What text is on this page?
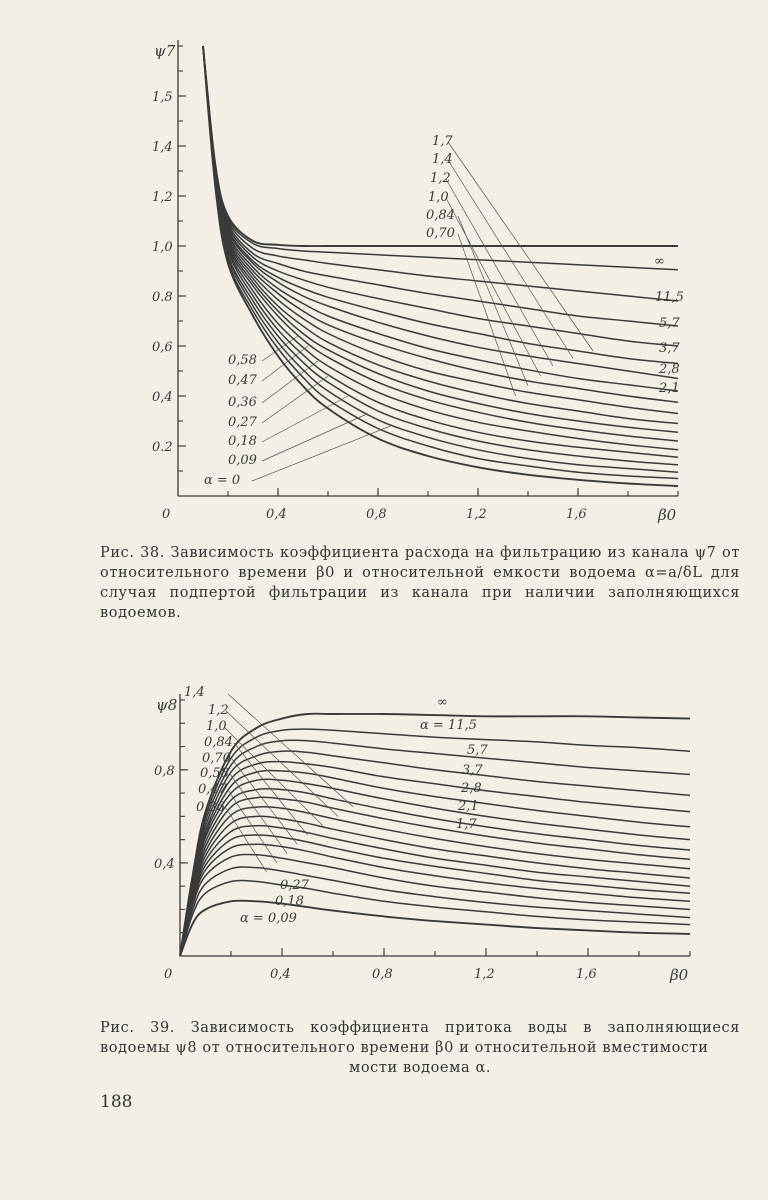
0.2
0,4
0,6
0.8
1,0
1,2
1,4
1,5
0	0,4	0,8	1,2	1,6
ψ7
β0
∞
11,5
5,7
3,7
2,8
2,1
1,7
1,4
1,2
1,0
0,84
0,70
0,58
0,47
0,36
0,27
0,18
0,09
α = 0
Рис. 38. Зависимость коэффициента расхода на фильтрацию из канала ψ7 от относительного времени β0 и относительной емкости водоема α=a/δL для случая подпертой фильтрации из канала при наличии заполняющихся водоемов.
0,4
0,8
0	0,4	0,8	1,2	1,6
ψ8
β0
∞
α = 11,5
5,7
3,7
2,8
2,1
1,7
1,4
1,2
1,0
0,84
0,70
0,58
0,47
0,36
0,27
0,18
α = 0,09
Рис. 39. Зависимость коэффициента притока воды в заполняющиеся водоемы ψ8 от относительного времени β0 и относительной вместимости
мости водоема α.
188
